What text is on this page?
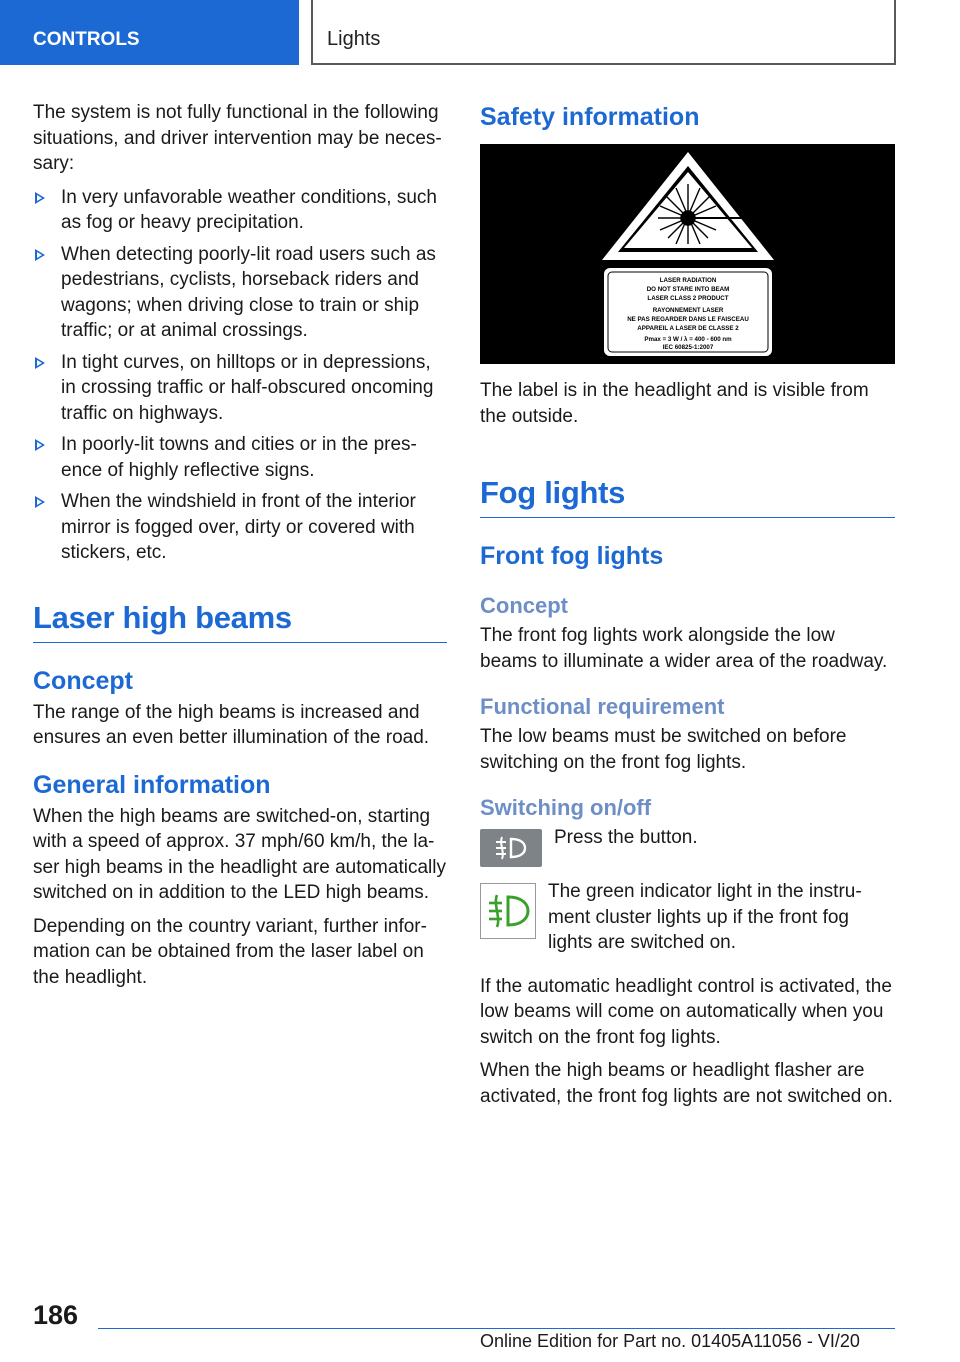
CONTROLS	Lights

The system is not fully functional in the following situations, and driver intervention may be neces- sary:

In very unfavorable weather conditions, such as fog or heavy precipitation.
When detecting poorly-lit road users such as pedestrians, cyclists, horseback riders and wagons; when driving close to train or ship traffic; or at animal crossings.
In tight curves, on hilltops or in depressions, in crossing traffic or half-obscured oncoming traffic on highways.
In poorly-lit towns and cities or in the pres- ence of highly reflective signs.
When the windshield in front of the interior mirror is fogged over, dirty or covered with stickers, etc.
Laser high beams
Concept

The range of the high beams is increased and ensures an even better illumination of the road.

General information

When the high beams are switched-on, starting with a speed of approx. 37 mph/60 km/h, the la- ser high beams in the headlight are automatically switched on in addition to the LED high beams.

Depending on the country variant, further infor- mation can be obtained from the laser label on the headlight.

Safety information
LASER RADIATION
DO NOT STARE INTO BEAM
LASER CLASS 2 PRODUCT
RAYONNEMENT LASER
NE PAS REGARDER DANS LE FAISCEAU
APPAREIL A LASER DE CLASSE 2
Pmax = 3 W / λ = 400 - 600 nm
IEC 60825-1:2007

The label is in the headlight and is visible from the outside.

Fog lights
Front fog lights
Concept

The front fog lights work alongside the low beams to illuminate a wider area of the roadway.

Functional requirement

The low beams must be switched on before switching on the front fog lights.

Switching on/off

Press the button.

The green indicator light in the instru- ment cluster lights up if the front fog lights are switched on.

If the automatic headlight control is activated, the low beams will come on automatically when you switch on the front fog lights.

When the high beams or headlight flasher are activated, the front fog lights are not switched on.

186
Online Edition for Part no. 01405A11056 - VI/20
